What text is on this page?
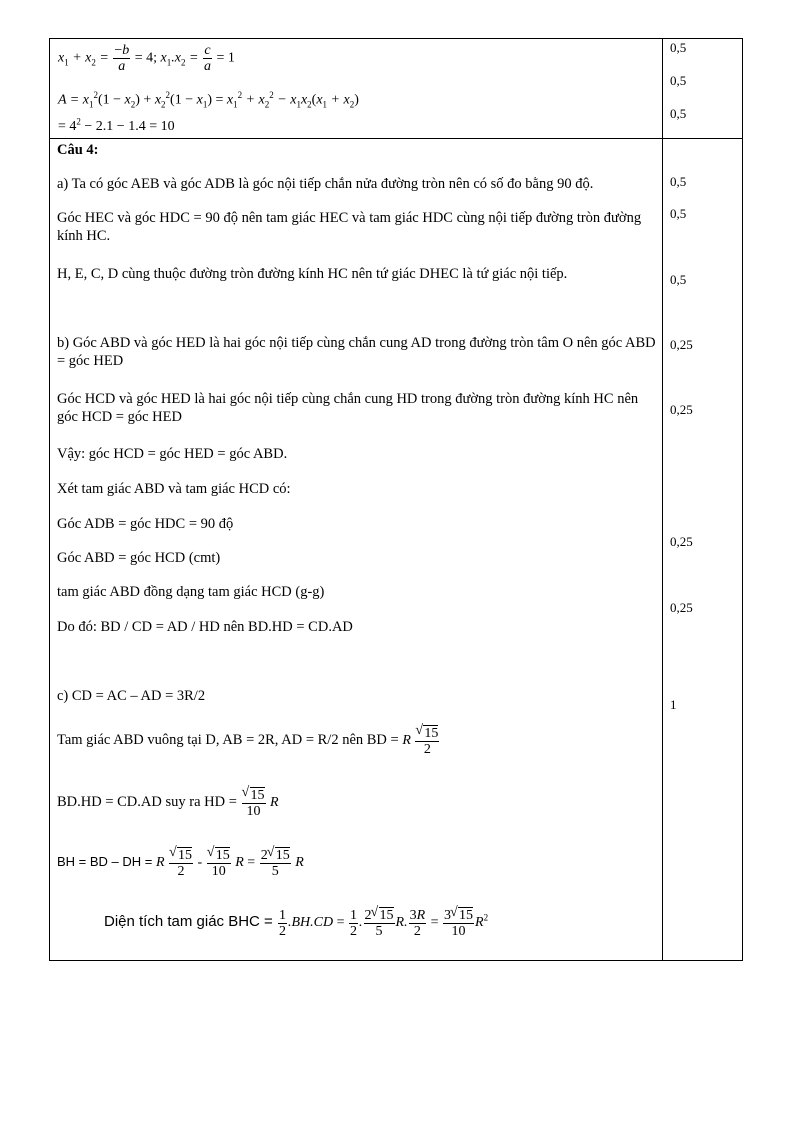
$x_1 + x_2 = \frac{-b}{a} = 4$; $x_1.x_2 = \frac{c}{a} = 1$
$A = x_1^2(1 - x_2) + x_2^2(1 - x_1) = x_1^2 + x_2^2 - x_1x_2(x_1 + x_2)$
= $4^2 - 2.1 - 1.4 = 10$
0,5
0,5
0,5
Câu 4:
a) Ta có góc AEB và góc ADB là góc nội tiếp chắn nửa đường tròn nên có số đo bằng 90 độ.
Góc HEC và góc HDC = 90 độ nên tam giác HEC và tam giác HDC cùng nội tiếp đường tròn đường kính HC.
H, E, C, D cùng thuộc đường tròn đường kính HC nên tứ giác DHEC là tứ giác nội tiếp.
b) Góc ABD và góc HED là hai góc nội tiếp cùng chắn cung AD trong đường tròn tâm O nên góc ABD = góc HED
Góc HCD và góc HED là hai góc nội tiếp cùng chắn cung HD trong đường tròn đường kính HC nên góc HCD = góc HED
Vậy: góc HCD = góc HED = góc ABD.
Xét tam giác ABD và tam giác HCD có:
Góc ADB = góc HDC = 90 độ
Góc ABD = góc HCD (cmt)
tam giác ABD đồng dạng tam giác HCD (g-g)
Do đó: BD / CD = AD / HD nên BD.HD = CD.AD
c) CD = AC – AD = 3R/2
Tam giác ABD vuông tại D, AB = 2R, AD = R/2 nên BD = R √ $\frac{15}{2}$
BD.HD = CD.AD suy ra HD = √ $\frac{15}{10}$ R
BH = BD – DH = R √ $\frac{15}{2}$ - √ $\frac{15}{10}$ $R = \frac{2 √ 15}{5}$ R
Diện tích tam giác BHC = $\frac{1}{2} .BH.CD = \frac{1}{2}$ . $\frac{2 √ 15}{5} R$. $\frac{3R}{2} = \frac{3 √ 15}{10} R^2$
0,5
0,5
0,5
0,25
0,25
0,25
0,25
1
